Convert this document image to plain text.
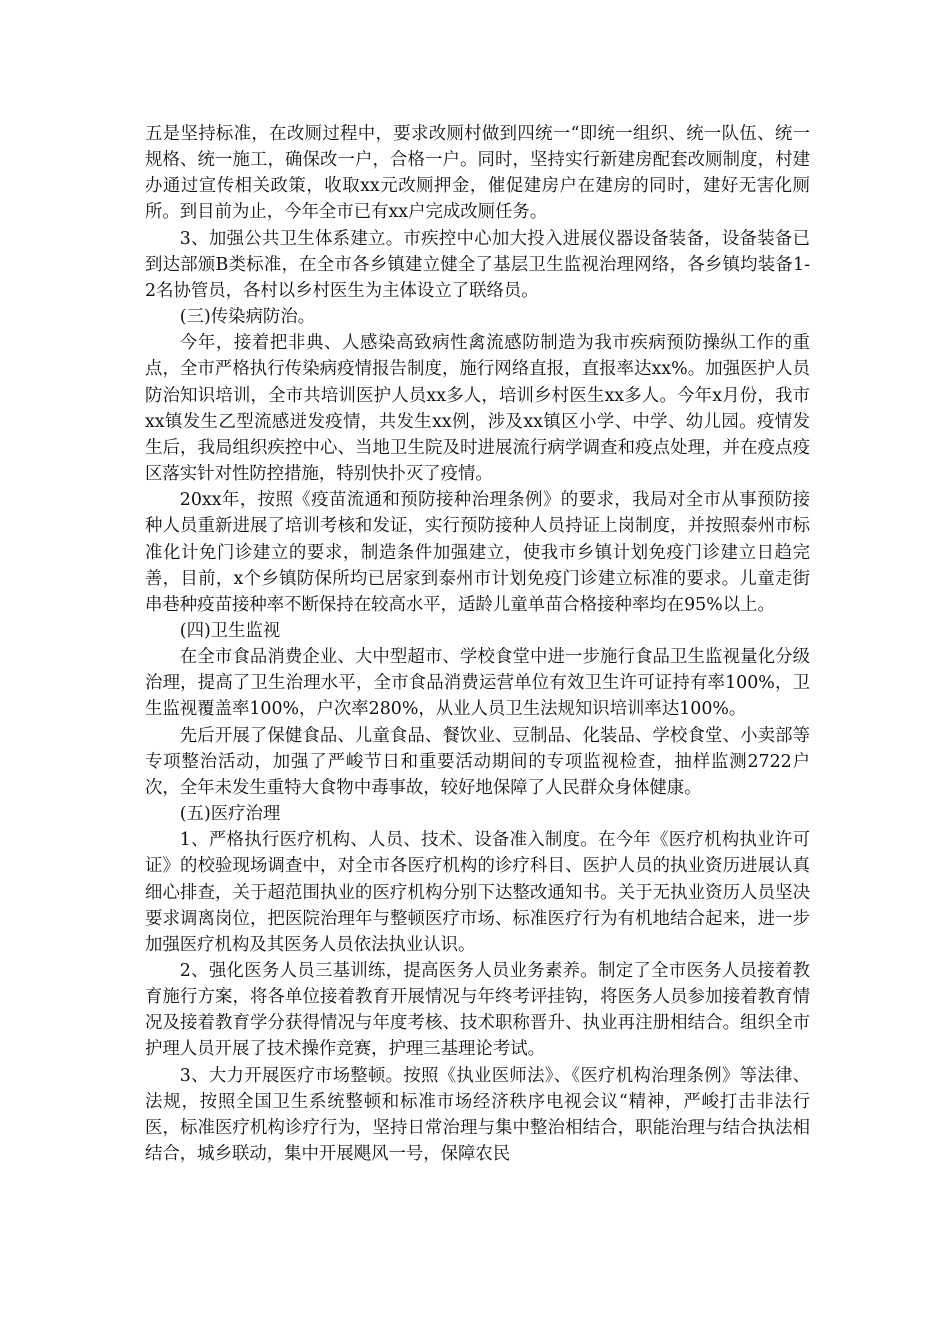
五是坚持标准，在改厕过程中，要求改厕村做到四统一“即统一组织、统一队伍、统一规格、统一施工，确保改一户，合格一户。同时，坚持实行新建房配套改厕制度，村建办通过宣传相关政策，收取xx元改厕押金，催促建房户在建房的同时，建好无害化厕所。到目前为止，今年全市已有xx户完成改厕任务。

3、加强公共卫生体系建立。市疾控中心加大投入进展仪器设备装备，设备装备已到达部颁B类标准，在全市各乡镇建立健全了基层卫生监视治理网络，各乡镇均装备1-2名协管员，各村以乡村医生为主体设立了联络员。

(三)传染病防治。

今年，接着把非典、人感染高致病性禽流感防制造为我市疾病预防操纵工作的重点，全市严格执行传染病疫情报告制度，施行网络直报，直报率达xx%。加强医护人员防治知识培训，全市共培训医护人员xx多人，培训乡村医生xx多人。今年x月份，我市xx镇发生乙型流感迸发疫情，共发生xx例，涉及xx镇区小学、中学、幼儿园。疫情发生后，我局组织疾控中心、当地卫生院及时进展流行病学调查和疫点处理，并在疫点疫区落实针对性防控措施，特别快扑灭了疫情。

20xx年，按照《疫苗流通和预防接种治理条例》的要求，我局对全市从事预防接种人员重新进展了培训考核和发证，实行预防接种人员持证上岗制度，并按照泰州市标准化计免门诊建立的要求，制造条件加强建立，使我市乡镇计划免疫门诊建立日趋完善，目前，x个乡镇防保所均已居家到泰州市计划免疫门诊建立标准的要求。儿童走街串巷种疫苗接种率不断保持在较高水平，适龄儿童单苗合格接种率均在95%以上。

(四)卫生监视

在全市食品消费企业、大中型超市、学校食堂中进一步施行食品卫生监视量化分级治理，提高了卫生治理水平，全市食品消费运营单位有效卫生许可证持有率100%，卫生监视覆盖率100%，户次率280%，从业人员卫生法规知识培训率达100%。

先后开展了保健食品、儿童食品、餐饮业、豆制品、化装品、学校食堂、小卖部等专项整治活动，加强了严峻节日和重要活动期间的专项监视检查，抽样监测2722户次，全年未发生重特大食物中毒事故，较好地保障了人民群众身体健康。

(五)医疗治理

1、严格执行医疗机构、人员、技术、设备准入制度。在今年《医疗机构执业许可证》的校验现场调查中，对全市各医疗机构的诊疗科目、医护人员的执业资历进展认真细心排查，关于超范围执业的医疗机构分别下达整改通知书。关于无执业资历人员坚决要求调离岗位，把医院治理年与整顿医疗市场、标准医疗行为有机地结合起来，进一步加强医疗机构及其医务人员依法执业认识。

2、强化医务人员三基训练，提高医务人员业务素养。制定了全市医务人员接着教育施行方案，将各单位接着教育开展情况与年终考评挂钩，将医务人员参加接着教育情况及接着教育学分获得情况与年度考核、技术职称晋升、执业再注册相结合。组织全市护理人员开展了技术操作竞赛，护理三基理论考试。

3、大力开展医疗市场整顿。按照《执业医师法》、《医疗机构治理条例》等法律、法规，按照全国卫生系统整顿和标准市场经济秩序电视会议“精神，严峻打击非法行医，标准医疗机构诊疗行为，坚持日常治理与集中整治相结合，职能治理与结合执法相结合，城乡联动，集中开展飓风一号，保障农民
